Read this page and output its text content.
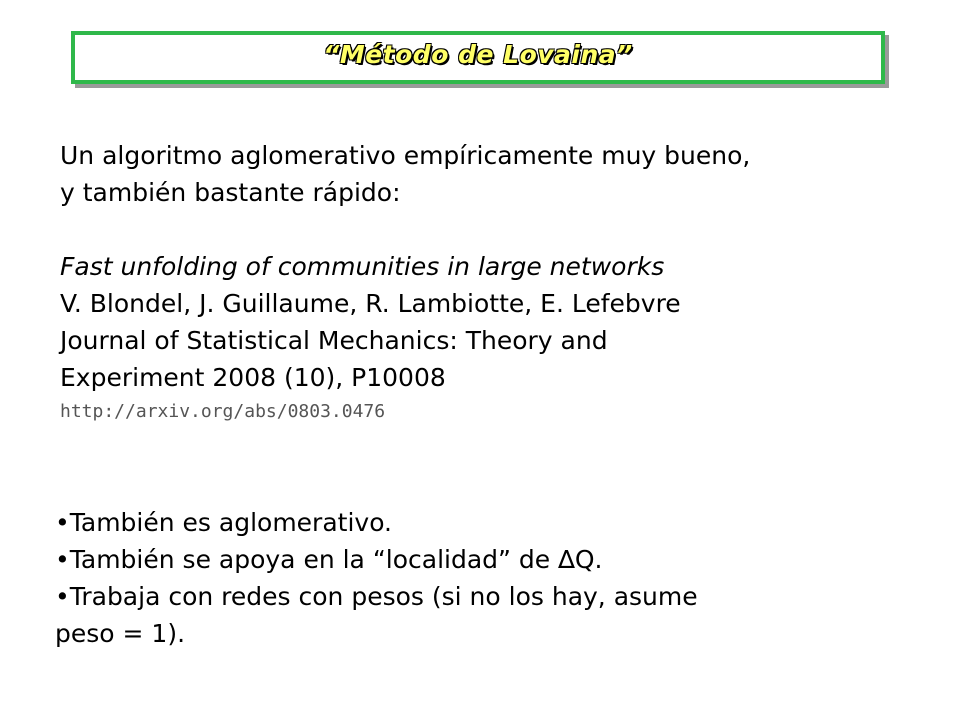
“Método de Lovaina”
Un algoritmo aglomerativo empíricamente muy bueno,
y también bastante rápido:
Fast unfolding of communities in large networks
V. Blondel, J. Guillaume, R. Lambiotte, E. Lefebvre
Journal of Statistical Mechanics: Theory and
Experiment 2008 (10), P10008
http://arxiv.org/abs/0803.0476
•También es aglomerativo.
•También se apoya en la “localidad” de ∆Q.
•Trabaja con redes con pesos (si no los hay, asume
peso = 1).
